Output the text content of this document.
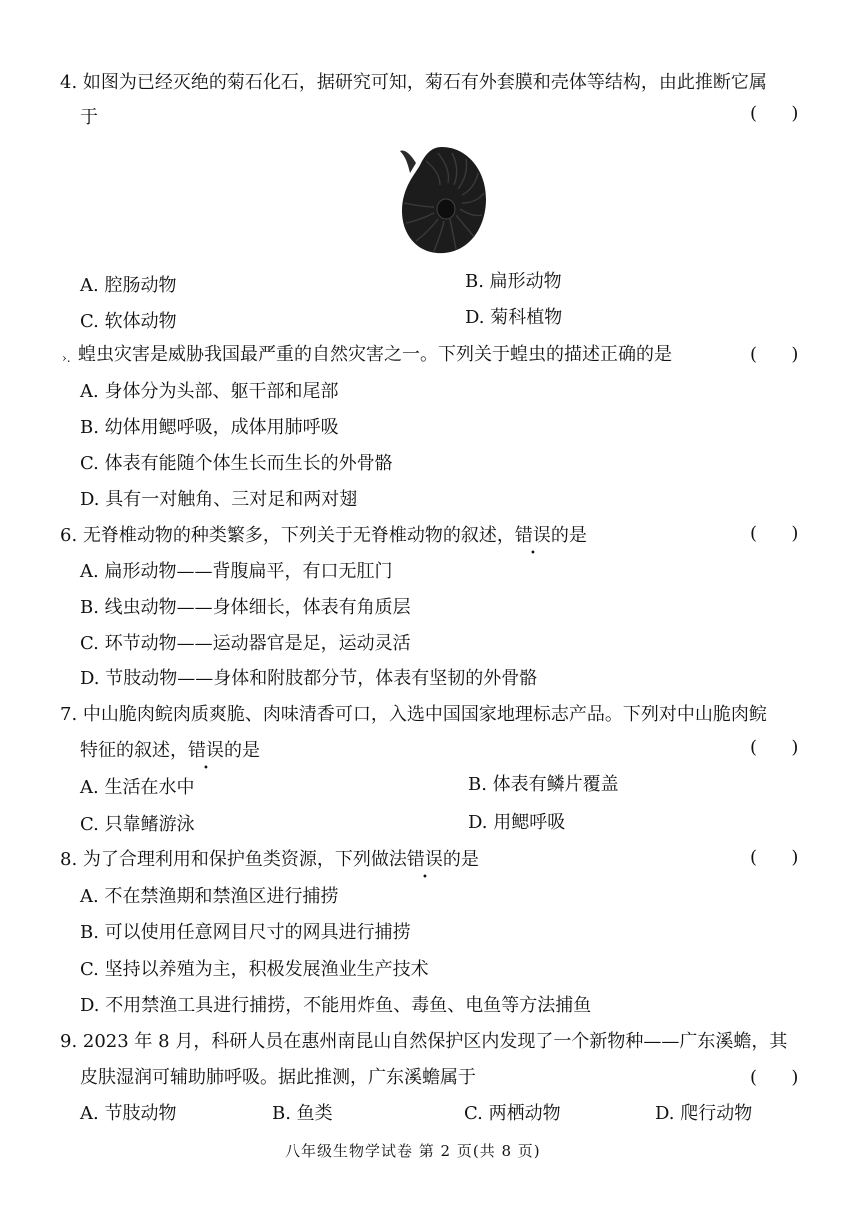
4. 如图为已经灭绝的菊石化石，据研究可知，菊石有外套膜和壳体等结构，由此推断它属
于	(      )
A. 腔肠动物	B. 扁形动物
C. 软体动物	D. 菊科植物
›. 蝗虫灾害是威胁我国最严重的自然灾害之一。下列关于蝗虫的描述正确的是	(      )
A. 身体分为头部、躯干部和尾部
B. 幼体用鳃呼吸，成体用肺呼吸
C. 体表有能随个体生长而生长的外骨骼
D. 具有一对触角、三对足和两对翅
6. 无脊椎动物的种类繁多，下列关于无脊椎动物的叙述，错误的是	(      )
A. 扁形动物——背腹扁平，有口无肛门
B. 线虫动物——身体细长，体表有角质层
C. 环节动物——运动器官是足，运动灵活
D. 节肢动物——身体和附肢都分节，体表有坚韧的外骨骼
7. 中山脆肉鲩肉质爽脆、肉味清香可口，入选中国国家地理标志产品。下列对中山脆肉鲩
特征的叙述，错误的是	(      )
A. 生活在水中	B. 体表有鳞片覆盖
C. 只靠鳍游泳	D. 用鳃呼吸
8. 为了合理利用和保护鱼类资源，下列做法错误的是	(      )
A. 不在禁渔期和禁渔区进行捕捞
B. 可以使用任意网目尺寸的网具进行捕捞
C. 坚持以养殖为主，积极发展渔业生产技术
D. 不用禁渔工具进行捕捞，不能用炸鱼、毒鱼、电鱼等方法捕鱼
9. 2023 年 8 月，科研人员在惠州南昆山自然保护区内发现了一个新物种——广东溪蟾，其
皮肤湿润可辅助肺呼吸。据此推测，广东溪蟾属于	(      )
A. 节肢动物	B. 鱼类	C. 两栖动物	D. 爬行动物
八年级生物学试卷 第 2 页(共 8 页)
